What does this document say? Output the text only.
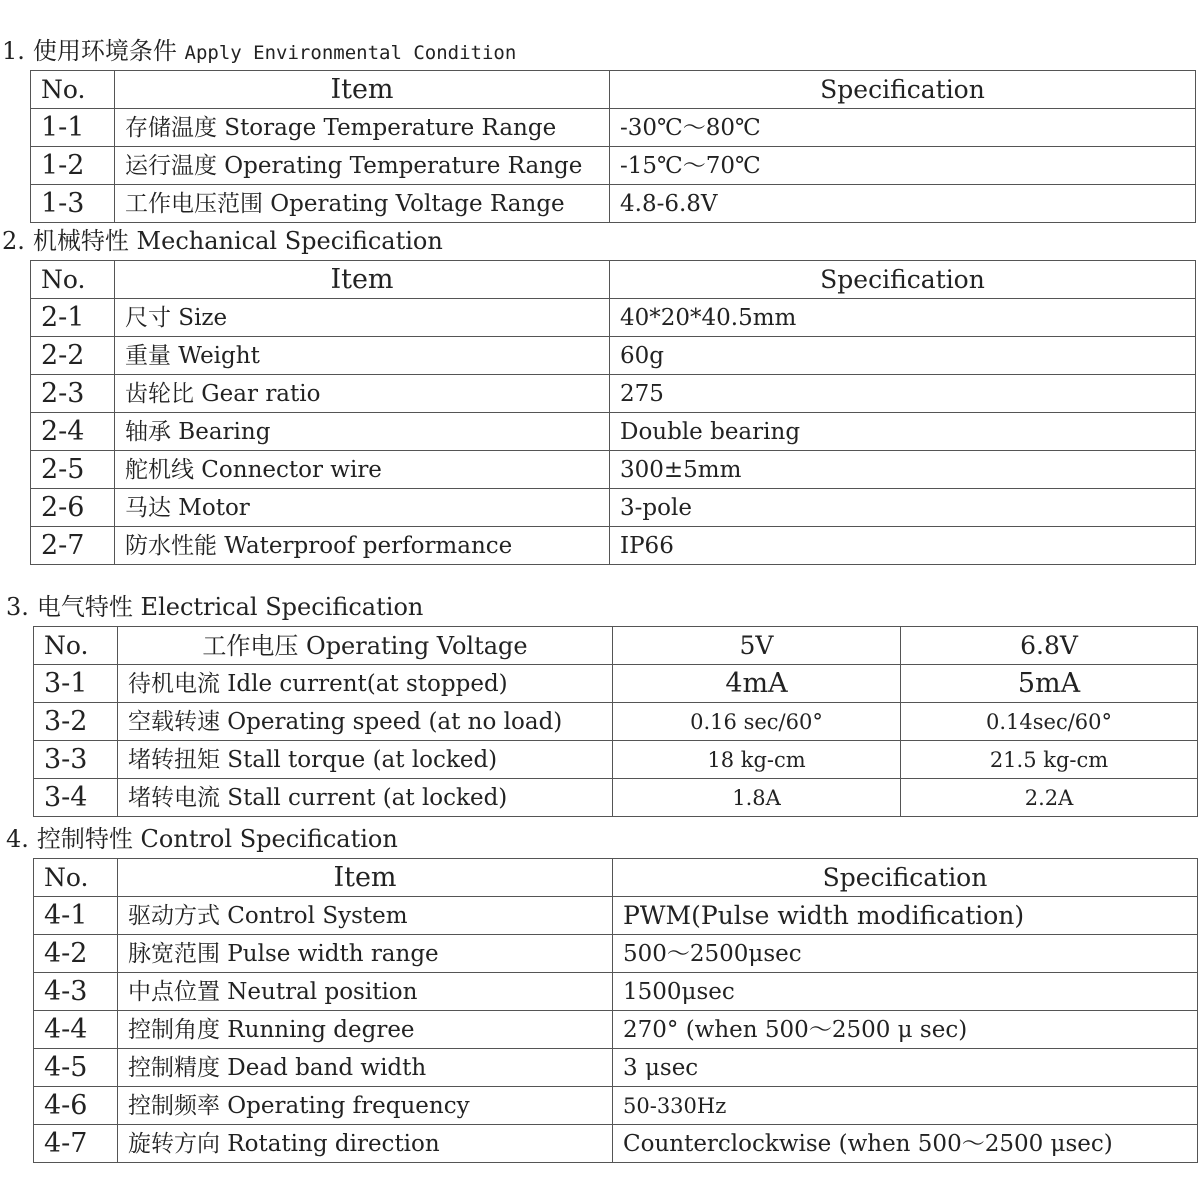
1. 使用环境条件 Apply Environmental Condition
No.	Item	Specification
1-1	存储温度 Storage Temperature Range	-30℃～80℃
1-2	运行温度 Operating Temperature Range	-15℃～70℃
1-3	工作电压范围 Operating Voltage Range	4.8-6.8V
2. 机械特性 Mechanical Specification
No.	Item	Specification
2-1	尺寸 Size	40*20*40.5mm
2-2	重量 Weight	60g
2-3	齿轮比 Gear ratio	275
2-4	轴承 Bearing	Double bearing
2-5	舵机线 Connector wire	300±5mm
2-6	马达 Motor	3-pole
2-7	防水性能 Waterproof performance	IP66
3. 电气特性 Electrical Specification
No.	工作电压 Operating Voltage	5V	6.8V
3-1	待机电流 Idle current(at stopped)	4mA	5mA
3-2	空载转速 Operating speed (at no load)	0.16 sec/60°	0.14sec/60°
3-3	堵转扭矩 Stall torque (at locked)	18 kg-cm	21.5 kg-cm
3-4	堵转电流 Stall current (at locked)	1.8A	2.2A
4. 控制特性 Control Specification
No.	Item	Specification
4-1	驱动方式 Control System	PWM(Pulse width modification)
4-2	脉宽范围 Pulse width range	500～2500μsec
4-3	中点位置 Neutral position	1500μsec
4-4	控制角度 Running degree	270° (when 500～2500 μ sec)
4-5	控制精度 Dead band width	3 μsec
4-6	控制频率 Operating frequency	50-330Hz
4-7	旋转方向 Rotating direction	Counterclockwise (when 500～2500 μsec)
